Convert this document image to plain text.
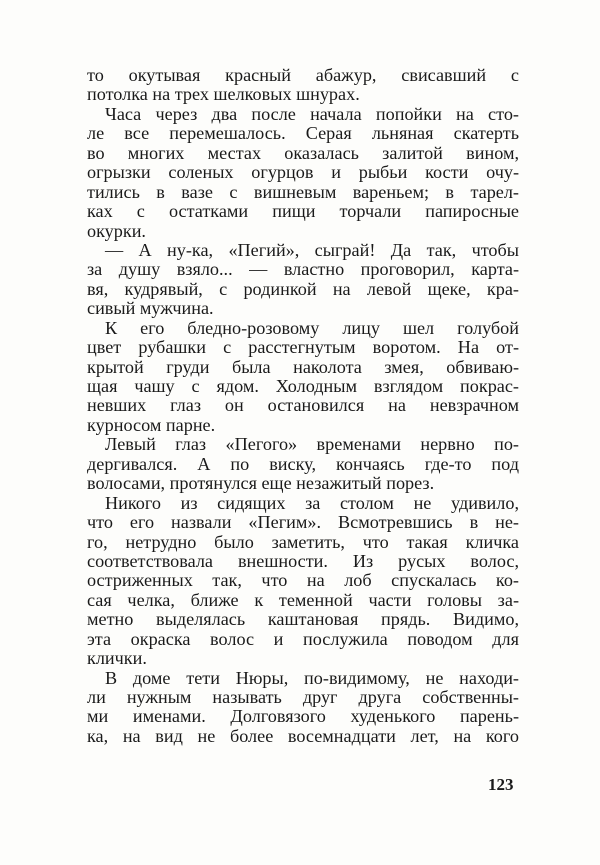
то окутывая красный абажур, свисавший с
потолка на трех шелковых шнурах.
Часа через два после начала попойки на сто-
ле все перемешалось. Серая льняная скатерть
во многих местах оказалась залитой вином,
огрызки соленых огурцов и рыбьи кости очу-
тились в вазе с вишневым вареньем; в тарел-
ках с остатками пищи торчали папиросные
окурки.
— А ну-ка, «Пегий», сыграй! Да так, чтобы
за душу взяло... — властно проговорил, карта-
вя, кудрявый, с родинкой на левой щеке, кра-
сивый мужчина.
К его бледно-розовому лицу шел голубой
цвет рубашки с расстегнутым воротом. На от-
крытой груди была наколота змея, обвиваю-
щая чашу с ядом. Холодным взглядом покрас-
невших глаз он остановился на невзрачном
курносом парне.
Левый глаз «Пегого» временами нервно по-
дергивался. А по виску, кончаясь где-то под
волосами, протянулся еще незажитый порез.
Никого из сидящих за столом не удивило,
что его назвали «Пегим». Всмотревшись в не-
го, нетрудно было заметить, что такая кличка
соответствовала внешности. Из русых волос,
остриженных так, что на лоб спускалась ко-
сая челка, ближе к теменной части головы за-
метно выделялась каштановая прядь. Видимо,
эта окраска волос и послужила поводом для
клички.
В доме тети Нюры, по-видимому, не находи-
ли нужным называть друг друга собственны-
ми именами. Долговязого худенького парень-
ка, на вид не более восемнадцати лет, на кого
123
